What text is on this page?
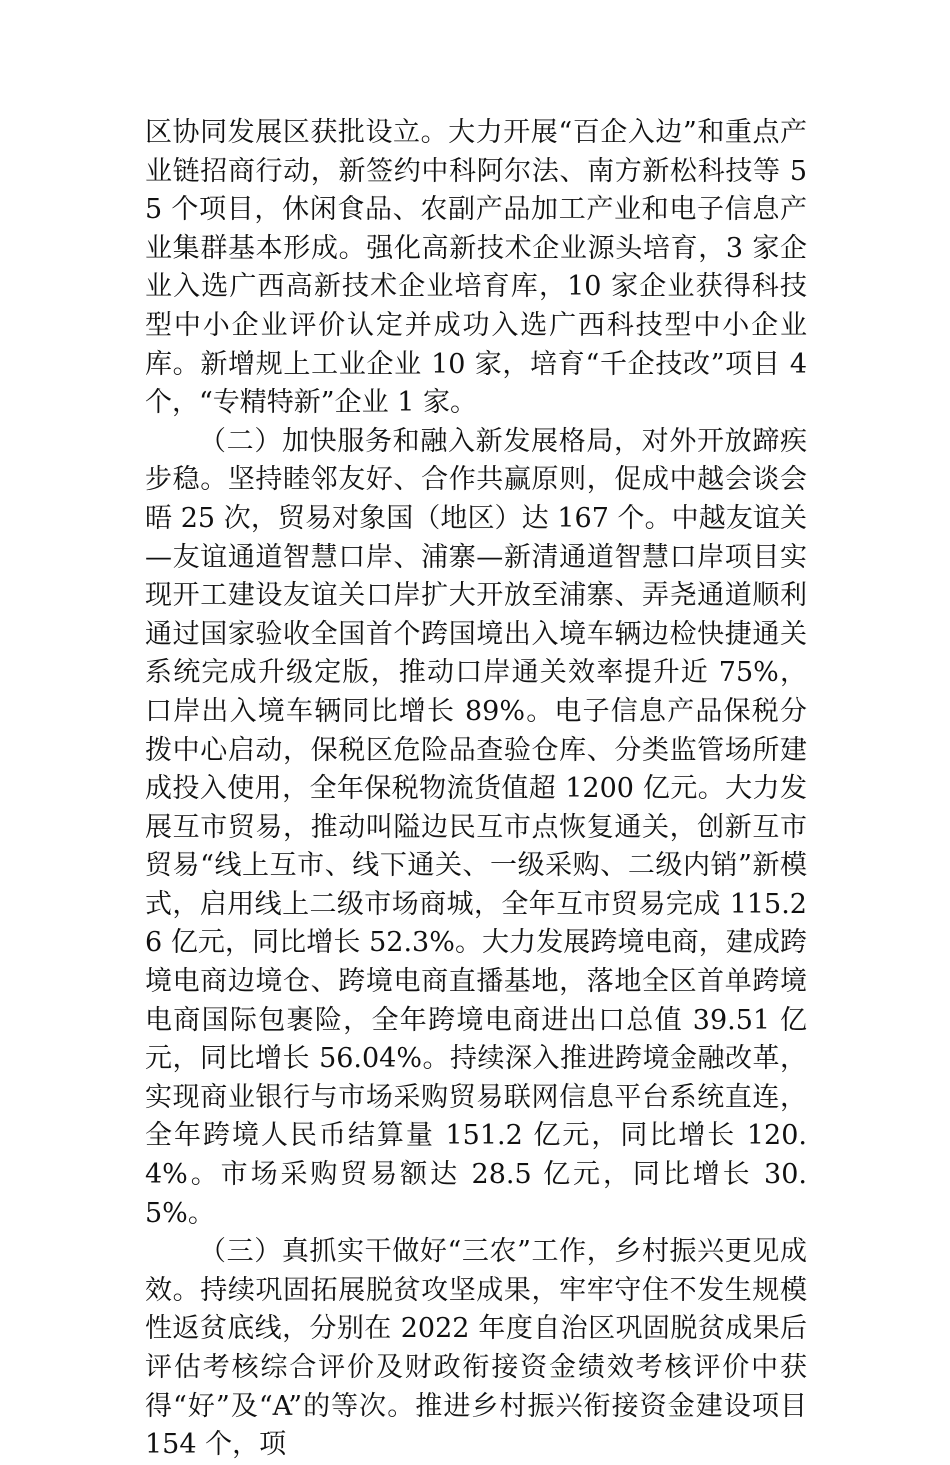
区协同发展区获批设立。大力开展“百企入边”和重点产业链招商行动，新签约中科阿尔法、南方新松科技等 55 个项目，休闲食品、农副产品加工产业和电子信息产业集群基本形成。强化高新技术企业源头培育，3 家企业入选广西高新技术企业培育库，10 家企业获得科技型中小企业评价认定并成功入选广西科技型中小企业库。新增规上工业企业 10 家，培育“千企技改”项目 4 个，“专精特新”企业 1 家。

（二）加快服务和融入新发展格局，对外开放蹄疾步稳。坚持睦邻友好、合作共赢原则，促成中越会谈会晤 25 次，贸易对象国（地区）达 167 个。中越友谊关—友谊通道智慧口岸、浦寨—新清通道智慧口岸项目实现开工建设友谊关口岸扩大开放至浦寨、弄尧通道顺利通过国家验收全国首个跨国境出入境车辆边检快捷通关系统完成升级定版，推动口岸通关效率提升近 75%，口岸出入境车辆同比增长 89%。电子信息产品保税分拨中心启动，保税区危险品查验仓库、分类监管场所建成投入使用，全年保税物流货值超 1200 亿元。大力发展互市贸易，推动叫隘边民互市点恢复通关，创新互市贸易“线上互市、线下通关、一级采购、二级内销”新模式，启用线上二级市场商城，全年互市贸易完成 115.26 亿元，同比增长 52.3%。大力发展跨境电商，建成跨境电商边境仓、跨境电商直播基地，落地全区首单跨境电商国际包裹险，全年跨境电商进出口总值 39.51 亿元，同比增长 56.04%。持续深入推进跨境金融改革，实现商业银行与市场采购贸易联网信息平台系统直连，全年跨境人民币结算量 151.2 亿元，同比增长 120.4%。市场采购贸易额达 28.5 亿元，同比增长 30.5%。

（三）真抓实干做好“三农”工作，乡村振兴更见成效。持续巩固拓展脱贫攻坚成果，牢牢守住不发生规模性返贫底线，分别在 2022 年度自治区巩固脱贫成果后评估考核综合评价及财政衔接资金绩效考核评价中获得“好”及“A”的等次。推进乡村振兴衔接资金建设项目 154 个，项
